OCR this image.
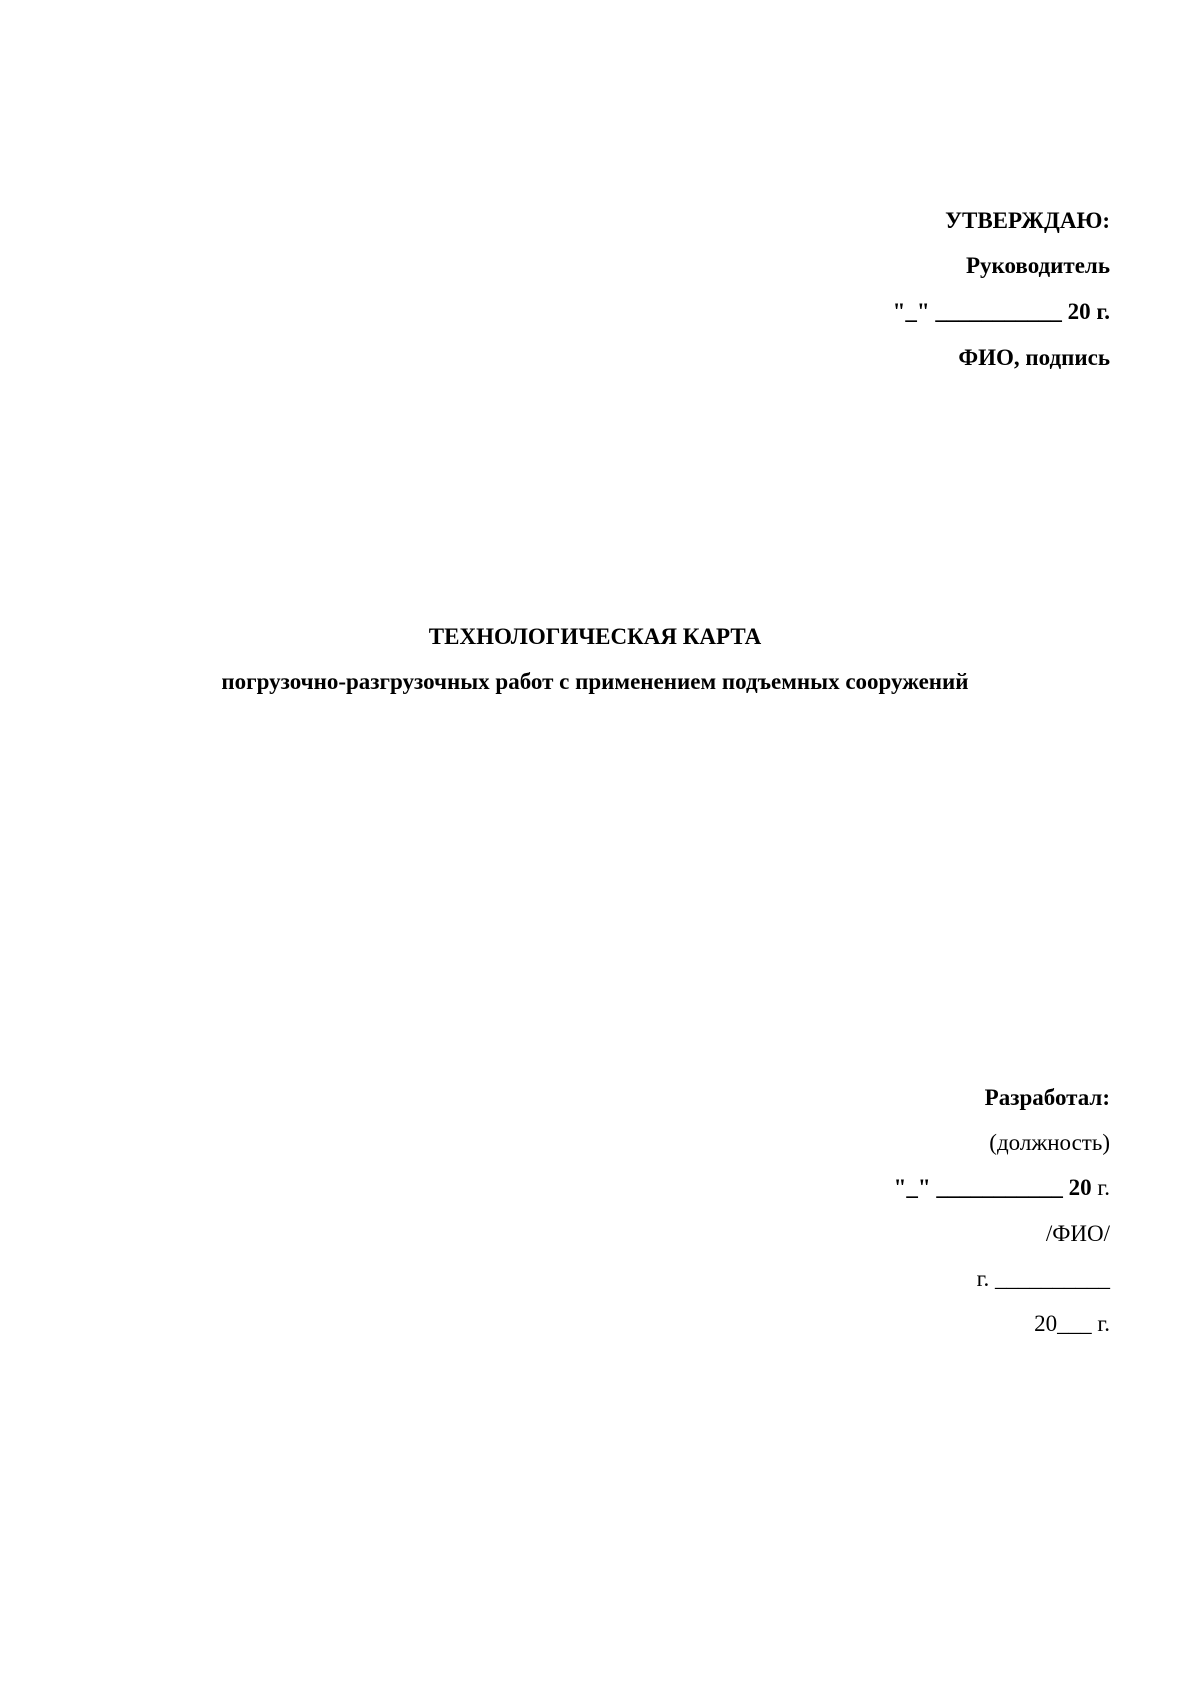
УТВЕРЖДАЮ:
Руководитель
"_" ___________ 20 г.
ФИО, подпись
ТЕХНОЛОГИЧЕСКАЯ КАРТА
погрузочно-разгрузочных работ с применением подъемных сооружений
Разработал:
(должность)
"_" ___________ 20 г.
/ФИО/
г. __________
20___ г.
